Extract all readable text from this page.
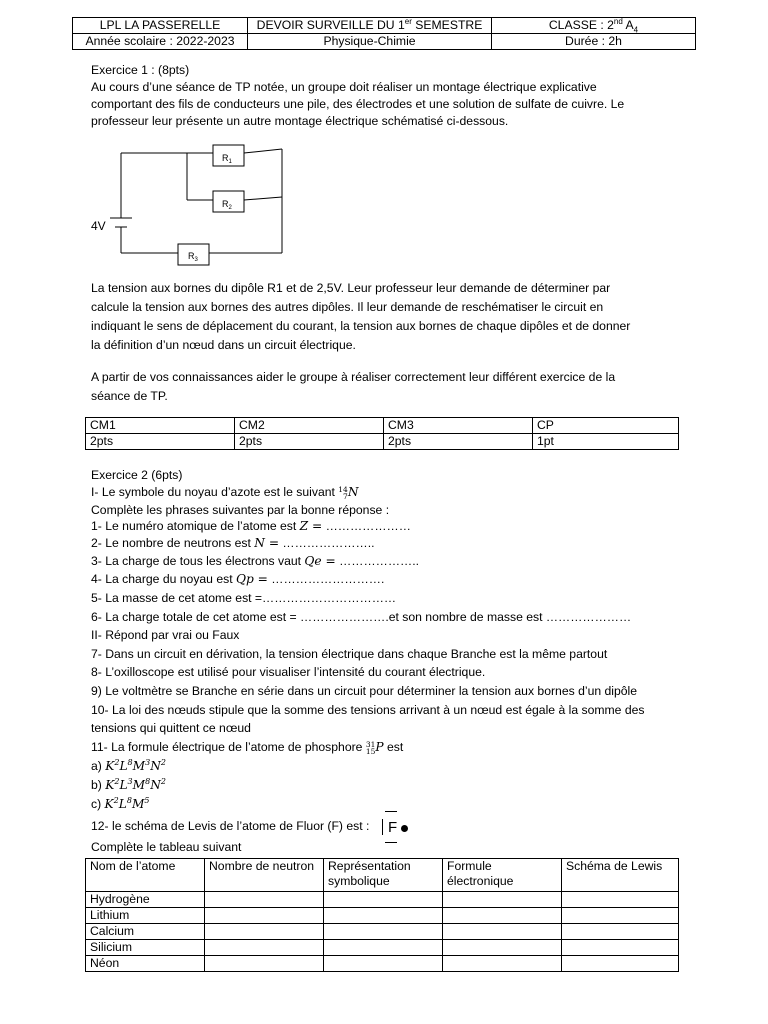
LPL LA PASSERELLE	DEVOIR SURVEILLE DU 1er SEMESTRE	CLASSE : 2nd $A_4$
Année scolaire : 2022-2023	Physique-Chimie	Durée : 2h
Exercice 1 : (8pts)
Au cours d’une séance de TP notée, un groupe doit réaliser un montage électrique explicative
comportant des fils de conducteurs une pile, des électrodes et une solution de sulfate de cuivre. Le
professeur leur présente un autre montage électrique schématisé ci-dessous.
$R_1$
$R_2$
$R_3$
4V
La tension aux bornes du dipôle R1 et de 2,5V. Leur professeur leur demande de déterminer par
calcule la tension aux bornes des autres dipôles. Il leur demande de reschématiser le circuit en
indiquant le sens de déplacement du courant, la tension aux bornes de chaque dipôles et de donner
la définition d’un nœud dans un circuit électrique.
A partir de vos connaissances aider le groupe à réaliser correctement leur différent exercice de la
séance de TP.
CM1	CM2	CM3	CP
2pts	2pts	2pts	1pt
Exercice 2 (6pts)
I- Le symbole du noyau d’azote est le suivant 14
7 N
Complète les phrases suivantes par la bonne réponse :
1- Le numéro atomique de l’atome est Z = …………………
2- Le nombre de neutrons est N = …………………..
3- La charge de tous les électrons vaut Qe = ………………..
4- La charge du noyau est Qp = ……………………….
5- La masse de cet atome est =……………………………
6- La charge totale de cet atome est = ………………….et son nombre de masse est …………………
II- Répond par vrai ou Faux
7- Dans un circuit en dérivation, la tension électrique dans chaque Branche est la même partout
8- L’oxilloscope est utilisé pour visualiser l’intensité du courant électrique.
9) Le voltmètre se Branche en série dans un circuit pour déterminer la tension aux bornes d’un dipôle
10- La loi des nœuds stipule que la somme des tensions arrivant à un nœud est égale à la somme des
tensions qui quittent ce nœud
11- La formule électrique de l’atome de phosphore 31
15 P est
a) $K^2L^8M^3N^2$
b) $K^2L^3M^8N^2$
c) $K^2L^8M^5$
12- le schéma de Levis de l’atome de Fluor (F) est : F
Complète le tableau suivant
Nom de l’atome	Nombre de neutron	Représentation symbolique	Formule électronique	Schéma de Lewis
Hydrogène				
Lithium				
Calcium				
Silicium				
Néon				
